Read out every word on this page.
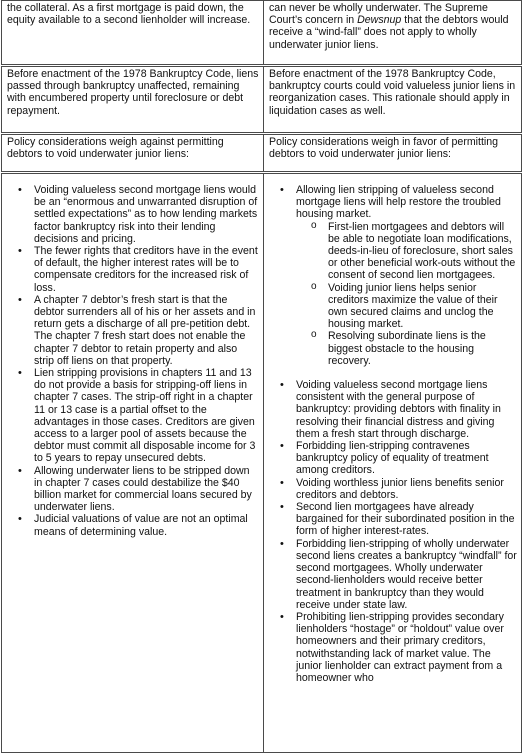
the collateral. As a first mortgage is paid down, the equity available to a second lienholder will increase.

can never be wholly underwater. The Supreme Court’s concern in Dewsnup that the debtors would receive a “wind-fall” does not apply to wholly underwater junior liens.

Before enactment of the 1978 Bankruptcy Code, liens passed through bankruptcy unaffected, remaining with encumbered property until foreclosure or debt repayment.

Before enactment of the 1978 Bankruptcy Code, bankruptcy courts could void valueless junior liens in reorganization cases. This rationale should apply in liquidation cases as well.

Policy considerations weigh against permitting debtors to void underwater junior liens:

Policy considerations weigh in favor of permitting debtors to void underwater junior liens:

• Voiding valueless second mortgage liens would be an “enormous and unwarranted disruption of settled expectations” as to how lending markets factor bankruptcy risk into their lending decisions and pricing.
• The fewer rights that creditors have in the event of default, the higher interest rates will be to compensate creditors for the increased risk of loss.
• A chapter 7 debtor’s fresh start is that the debtor surrenders all of his or her assets and in return gets a discharge of all pre-petition debt. The chapter 7 fresh start does not enable the chapter 7 debtor to retain property and also strip off liens on that property.
• Lien stripping provisions in chapters 11 and 13 do not provide a basis for stripping-off liens in chapter 7 cases. The strip-off right in a chapter 11 or 13 case is a partial offset to the advantages in those cases. Creditors are given access to a larger pool of assets because the debtor must commit all disposable income for 3 to 5 years to repay unsecured debts.
• Allowing underwater liens to be stripped down in chapter 7 cases could destabilize the $40 billion market for commercial loans secured by underwater liens.
• Judicial valuations of value are not an optimal means of determining value.
• Allowing lien stripping of valueless second mortgage liens will help restore the troubled housing market.
o First-lien mortgagees and debtors will be able to negotiate loan modifications, deeds-in-lieu of foreclosure, short sales or other beneficial work-outs without the consent of second lien mortgagees.
o Voiding junior liens helps senior creditors maximize the value of their own secured claims and unclog the housing market.
o Resolving subordinate liens is the biggest obstacle to the housing recovery.
• Voiding valueless second mortgage liens consistent with the general purpose of bankruptcy: providing debtors with finality in resolving their financial distress and giving them a fresh start through discharge.
• Forbidding lien-stripping contravenes bankruptcy policy of equality of treatment among creditors.
• Voiding worthless junior liens benefits senior creditors and debtors.
• Second lien mortgagees have already bargained for their subordinated position in the form of higher interest-rates.
• Forbidding lien-stripping of wholly underwater second liens creates a bankruptcy “windfall” for second mortgagees. Wholly underwater second-lienholders would receive better treatment in bankruptcy than they would receive under state law.
• Prohibiting lien-stripping provides secondary lienholders “hostage” or “holdout” value over homeowners and their primary creditors, notwithstanding lack of market value. The junior lienholder can extract payment from a homeowner who
